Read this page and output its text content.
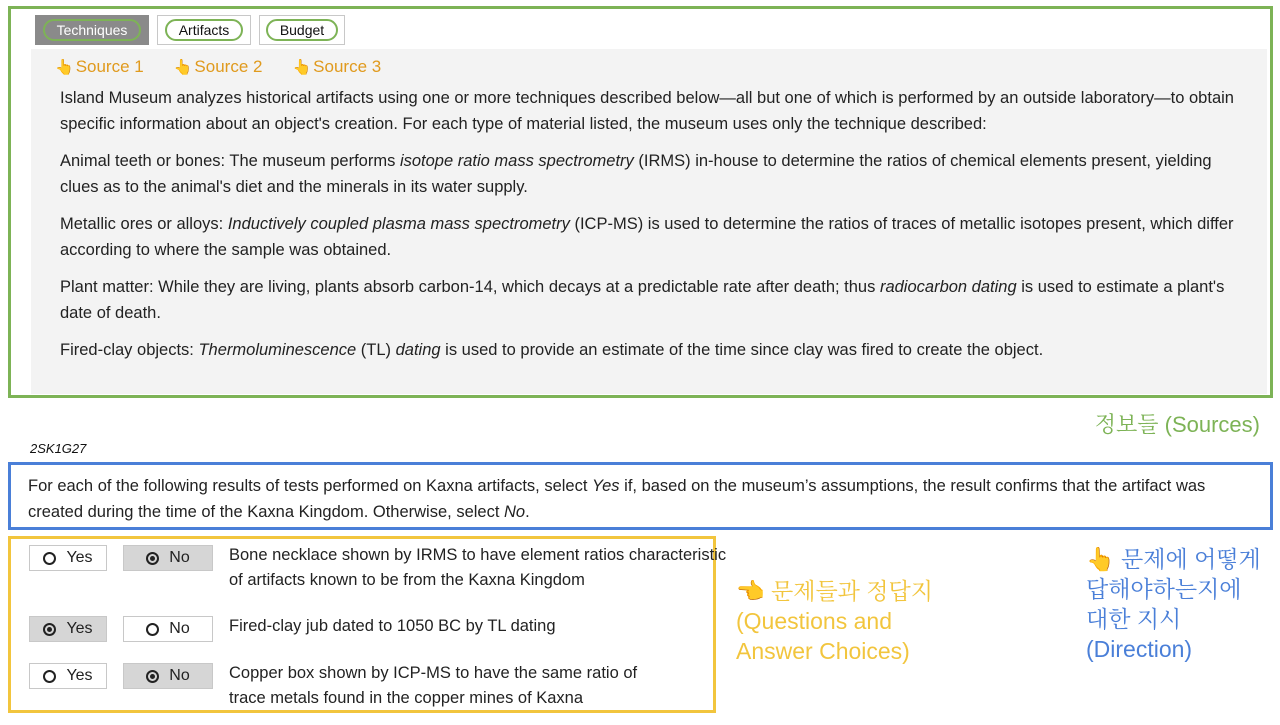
Techniques	Artifacts	Budget
👆 Source 1 👆 Source 2 👆 Source 3

Island Museum analyzes historical artifacts using one or more techniques described below—all but one of which is performed by an outside laboratory—to obtain specific information about an object's creation. For each type of material listed, the museum uses only the technique described:

Animal teeth or bones: The museum performs isotope ratio mass spectrometry (IRMS) in-house to determine the ratios of chemical elements present, yielding clues as to the animal's diet and the minerals in its water supply.

Metallic ores or alloys: Inductively coupled plasma mass spectrometry (ICP-MS) is used to determine the ratios of traces of metallic isotopes present, which differ according to where the sample was obtained.

Plant matter: While they are living, plants absorb carbon-14, which decays at a predictable rate after death; thus radiocarbon dating is used to estimate a plant's date of death.

Fired-clay objects: Thermoluminescence (TL) dating is used to provide an estimate of the time since clay was fired to create the object.

정보들 (Sources)
2SK1G27
For each of the following results of tests performed on Kaxna artifacts, select Yes if, based on the museum’s assumptions, the result confirms that the artifact was created during the time of the Kaxna Kingdom. Otherwise, select No.
Yes	No Bone necklace shown by IRMS to have element ratios characteristic of artifacts known to be from the Kaxna Kingdom
Yes	No Fired-clay jub dated to 1050 BC by TL dating
Yes	No Copper box shown by ICP-MS to have the same ratio of trace metals found in the copper mines of Kaxna
👈 문제들과 정답지
(Questions and
Answer Choices)
👆 문제에 어떻게
답해야하는지에
대한 지시
(Direction)
